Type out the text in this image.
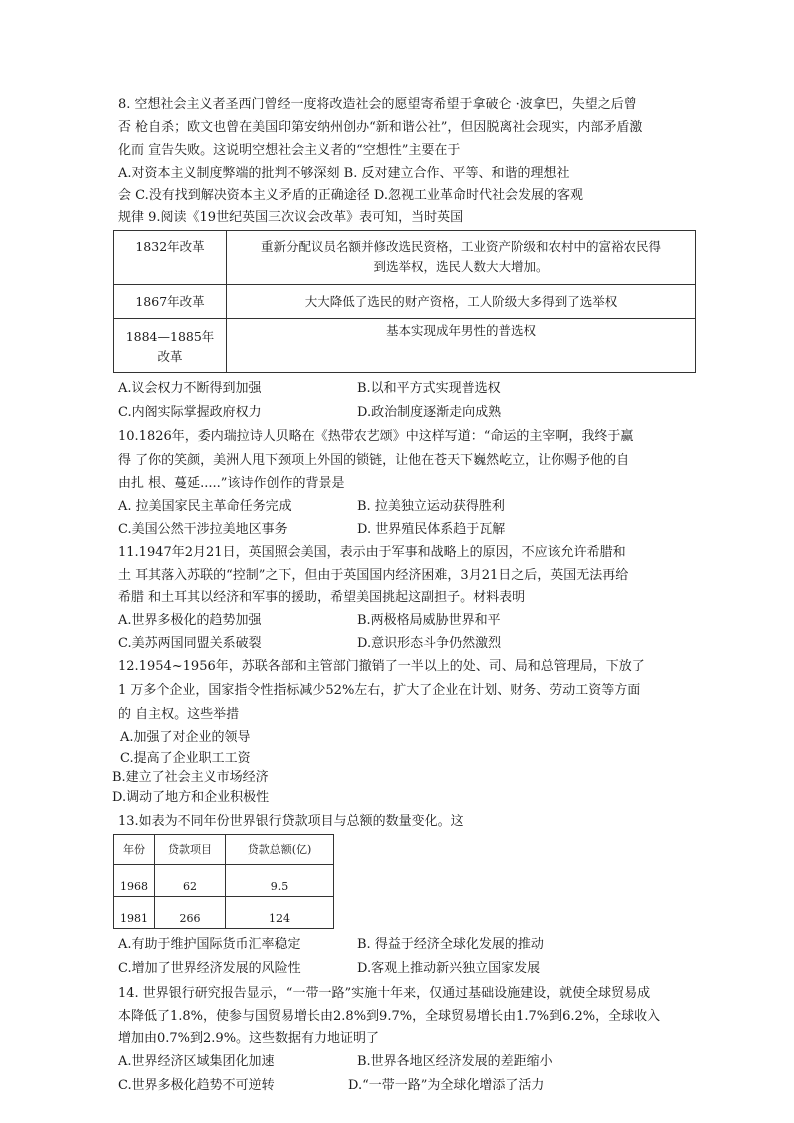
8. 空想社会主义者圣西门曾经一度将改造社会的愿望寄希望于拿破仑 ·波拿巴，失望之后曾
否 枪自杀；欧文也曾在美国印第安纳州创办“新和谐公社”，但因脱离社会现实，内部矛盾激
化而 宣告失败。这说明空想社会主义者的“空想性”主要在于
A.对资本主义制度弊端的批判不够深刻 B. 反对建立合作、平等、和谐的理想社
会 C.没有找到解决资本主义矛盾的正确途径 D.忽视工业革命时代社会发展的客观
规律 9.阅读《19世纪英国三次议会改革》表可知，当时英国
1832年改革	重新分配议员名额并修改选民资格，工业资产阶级和农村中的富裕农民得
到选举权，选民人数大大增加。

1867年改革	大大降低了选民的财产资格，工人阶级大多得到了选举权

1884—1885年
改革	基本实现成年男性的普选权
A.议会权力不断得到加强	B.以和平方式实现普选权
C.内阁实际掌握政府权力	D.政治制度逐渐走向成熟
10.1826年，委内瑞拉诗人贝略在《热带农艺颂》中这样写道：“命运的主宰啊，我终于赢
得 了你的笑颜，美洲人甩下颈项上外国的锁链，让他在苍天下巍然屹立，让你赐予他的自
由扎 根、蔓延.....”该诗作创作的背景是
A. 拉美国家民主革命任务完成	B. 拉美独立运动获得胜利
C.美国公然干涉拉美地区事务	D. 世界殖民体系趋于瓦解
11.1947年2月21日，英国照会美国，表示由于军事和战略上的原因，不应该允许希腊和
土 耳其落入苏联的“控制”之下，但由于英国国内经济困难，3月21日之后，英国无法再给
希腊 和土耳其以经济和军事的援助，希望美国挑起这副担子。材料表明
A.世界多极化的趋势加强	B.两极格局威胁世界和平
C.美苏两国同盟关系破裂	D.意识形态斗争仍然激烈
12.1954~1956年，苏联各部和主管部门撤销了一半以上的处、司、局和总管理局，下放了
1 万多个企业，国家指令性指标减少52%左右，扩大了企业在计划、财务、劳动工资等方面
的 自主权。这些举措
A.加强了对企业的领导
C.提高了企业职工工资
B.建立了社会主义市场经济
D.调动了地方和企业积极性
13.如表为不同年份世界银行贷款项目与总额的数量变化。这
年份	贷款项目	贷款总额(亿)
1968	62	9.5
1981	266	124
A.有助于维护国际货币汇率稳定	B. 得益于经济全球化发展的推动
C.增加了世界经济发展的风险性	D.客观上推动新兴独立国家发展
14. 世界银行研究报告显示，“一带一路”实施十年来，仅通过基础设施建设，就使全球贸易成
本降低了1.8%，使参与国贸易增长由2.8%到9.7%，全球贸易增长由1.7%到6.2%，全球收入
增加由0.7%到2.9%。这些数据有力地证明了
A.世界经济区域集团化加速	B.世界各地区经济发展的差距缩小
C.世界多极化趋势不可逆转	D.“一带一路”为全球化增添了活力
